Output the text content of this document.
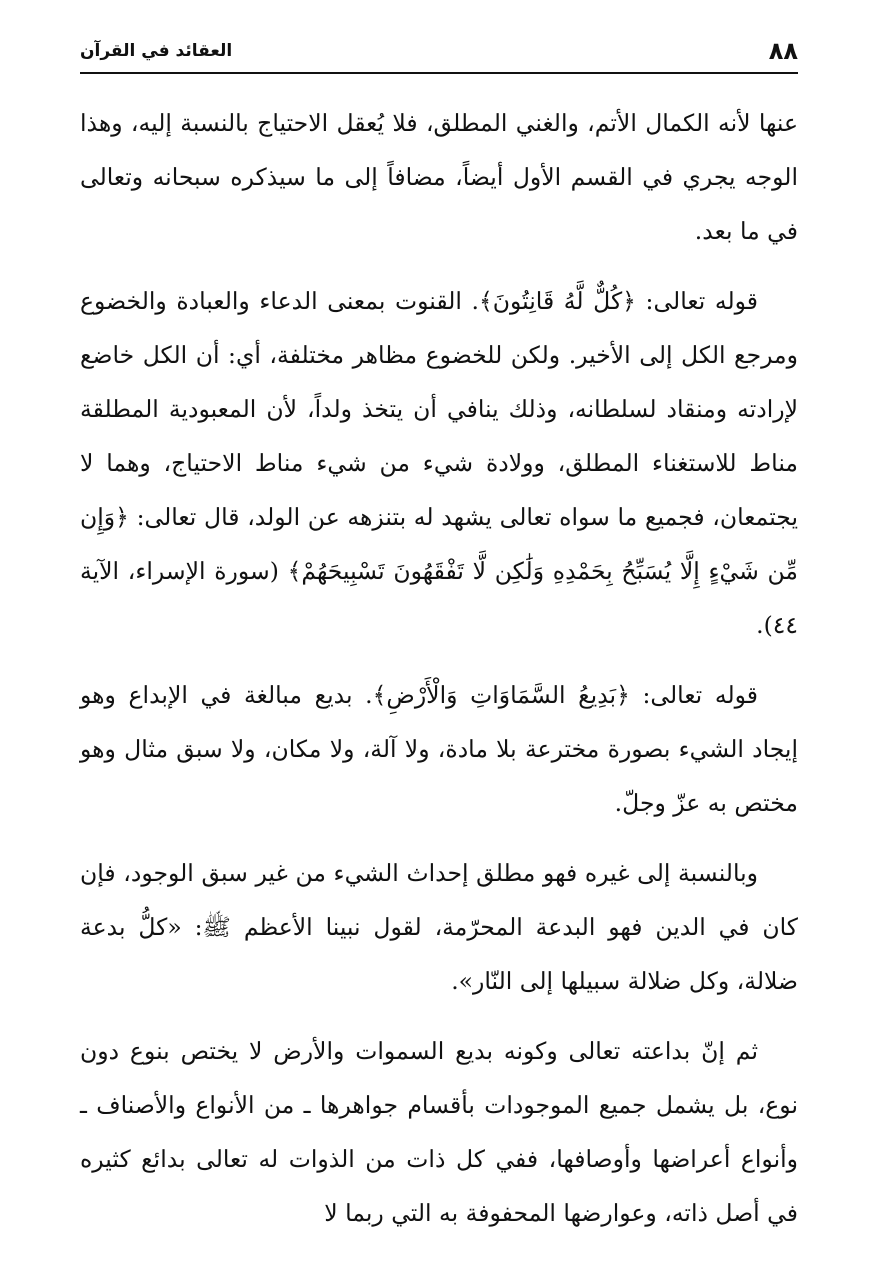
٨٨
العقائد في القرآن

عنها لأنه الكمال الأتم، والغني المطلق، فلا يُعقل الاحتياج بالنسبة إليه، وهذا الوجه يجري في القسم الأول أيضاً، مضافاً إلى ما سيذكره سبحانه وتعالى في ما بعد.

قوله تعالى: ﴿كُلٌّ لَّهُ قَانِتُونَ﴾. القنوت بمعنى الدعاء والعبادة والخضوع ومرجع الكل إلى الأخير. ولكن للخضوع مظاهر مختلفة، أي: أن الكل خاضع لإرادته ومنقاد لسلطانه، وذلك ينافي أن يتخذ ولداً، لأن المعبودية المطلقة مناط للاستغناء المطلق، وولادة شيء من شيء مناط الاحتياج، وهما لا يجتمعان، فجميع ما سواه تعالى يشهد له بتنزهه عن الولد، قال تعالى: ﴿وَإِن مِّن شَيْءٍ إِلَّا يُسَبِّحُ بِحَمْدِهِ وَلَٰكِن لَّا تَفْقَهُونَ تَسْبِيحَهُمْ﴾ (سورة الإسراء، الآية ٤٤).

قوله تعالى: ﴿بَدِيعُ السَّمَاوَاتِ وَالْأَرْضِ﴾. بديع مبالغة في الإبداع وهو إيجاد الشيء بصورة مخترعة بلا مادة، ولا آلة، ولا مكان، ولا سبق مثال وهو مختص به عزّ وجلّ.

وبالنسبة إلى غيره فهو مطلق إحداث الشيء من غير سبق الوجود، فإن كان في الدين فهو البدعة المحرّمة، لقول نبينا الأعظم ﷺ: «كلُّ بدعة ضلالة، وكل ضلالة سبيلها إلى النّار».

ثم إنّ بداعته تعالى وكونه بديع السموات والأرض لا يختص بنوع دون نوع، بل يشمل جميع الموجودات بأقسام جواهرها ـ من الأنواع والأصناف ـ وأنواع أعراضها وأوصافها، ففي كل ذات من الذوات له تعالى بدائع كثيره في أصل ذاته، وعوارضها المحفوفة به التي ربما لا
